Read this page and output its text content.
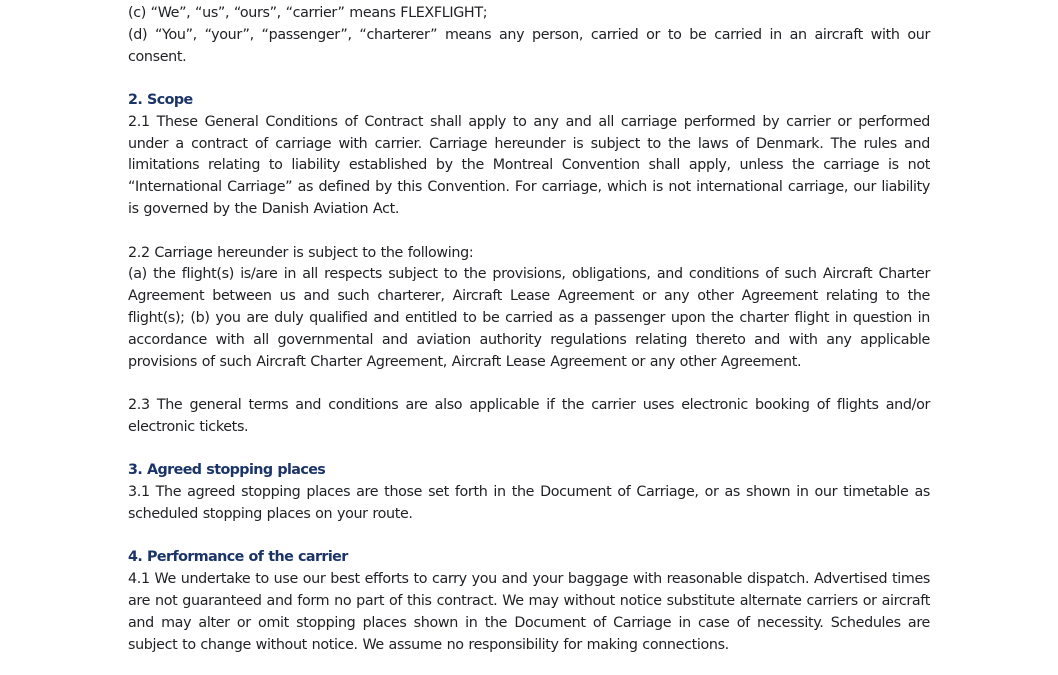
(c) “We”, “us”, “ours”, “carrier” means FLEXFLIGHT;

(d) “You”, “your”, “passenger”, “charterer” means any person, carried or to be carried in an aircraft with our consent.

2. Scope

2.1 These General Conditions of Contract shall apply to any and all carriage performed by carrier or performed under a contract of carriage with carrier. Carriage hereunder is subject to the laws of Denmark. The rules and limitations relating to liability established by the Montreal Convention shall apply, unless the carriage is not “International Carriage” as defined by this Convention. For carriage, which is not international carriage, our liability is governed by the Danish Aviation Act.

2.2 Carriage hereunder is subject to the following:

(a) the flight(s) is/are in all respects subject to the provisions, obligations, and conditions of such Aircraft Charter Agreement between us and such charterer, Aircraft Lease Agreement or any other Agreement relating to the flight(s); (b) you are duly qualified and entitled to be carried as a passenger upon the charter flight in question in accordance with all governmental and aviation authority regulations relating thereto and with any applicable provisions of such Aircraft Charter Agreement, Aircraft Lease Agreement or any other Agreement.

2.3 The general terms and conditions are also applicable if the carrier uses electronic booking of flights and/or electronic tickets.

3. Agreed stopping places

3.1 The agreed stopping places are those set forth in the Document of Carriage, or as shown in our timetable as scheduled stopping places on your route.

4. Performance of the carrier

4.1 We undertake to use our best efforts to carry you and your baggage with reasonable dispatch. Advertised times are not guaranteed and form no part of this contract. We may without notice substitute alternate carriers or aircraft and may alter or omit stopping places shown in the Document of Carriage in case of necessity. Schedules are subject to change without notice. We assume no responsibility for making connections.
